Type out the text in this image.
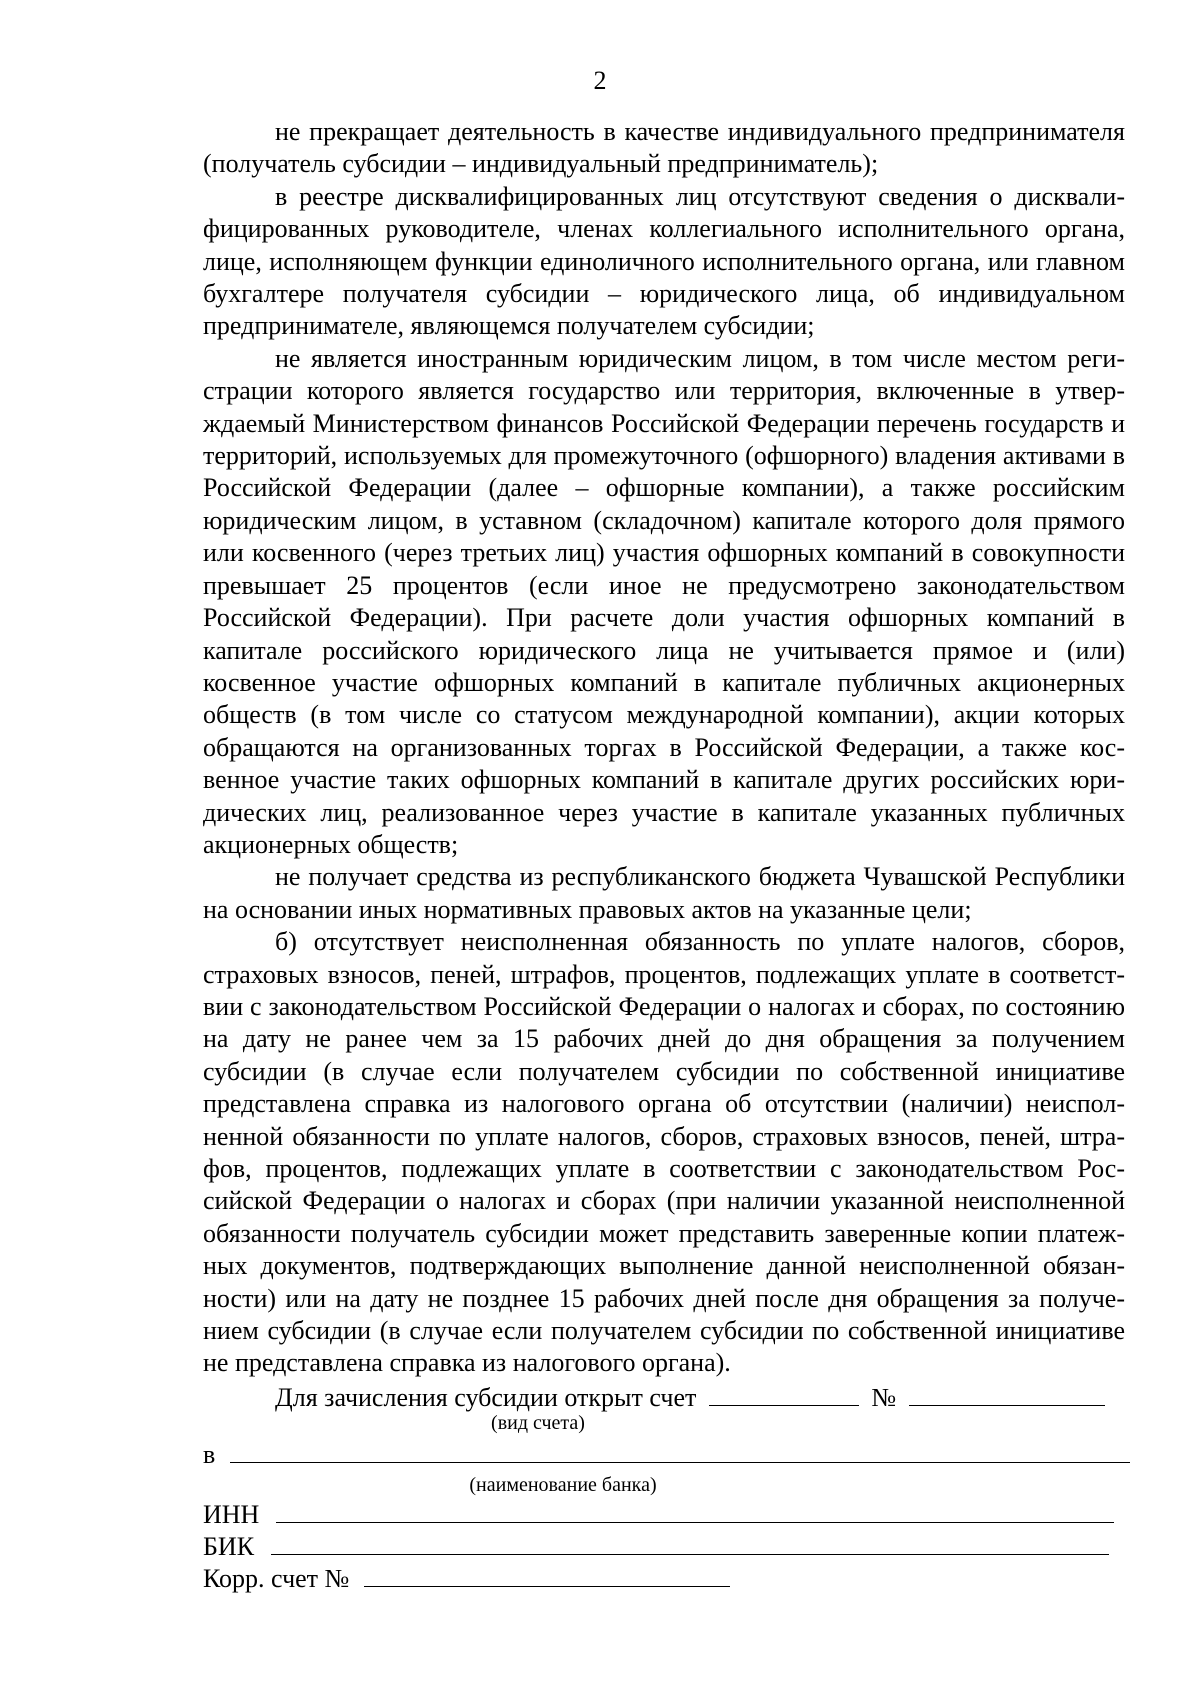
2

не прекращает деятельность в качестве индивидуального предпринимателя (получатель субсидии – индивидуальный предприниматель);

в реестре дисквалифицированных лиц отсутствуют сведения о дисквалифицированных руководителе, членах коллегиального исполнительного органа, лице, исполняющем функции единоличного исполнительного органа, или главном бухгалтере получателя субсидии – юридического лица, об индивидуальном предпринимателе, являющемся получателем субсидии;

не является иностранным юридическим лицом, в том числе местом регистрации которого является государство или территория, включенные в утверждаемый Министерством финансов Российской Федерации перечень государств и территорий, используемых для промежуточного (офшорного) владения активами в Российской Федерации (далее – офшорные компании), а также российским юридическим лицом, в уставном (складочном) капитале которого доля прямого или косвенного (через третьих лиц) участия офшорных компаний в совокупности превышает 25 процентов (если иное не предусмотрено законодательством Российской Федерации). При расчете доли участия офшорных компаний в капитале российского юридического лица не учитывается прямое и (или) косвенное участие офшорных компаний в капитале публичных акционерных обществ (в том числе со статусом международной компании), акции которых обращаются на организованных торгах в Российской Федерации, а также косвенное участие таких офшорных компаний в капитале других российских юридических лиц, реализованное через участие в капитале указанных публичных акционерных обществ;

не получает средства из республиканского бюджета Чувашской Республики на основании иных нормативных правовых актов на указанные цели;

б) отсутствует неисполненная обязанность по уплате налогов, сборов, страховых взносов, пеней, штрафов, процентов, подлежащих уплате в соответствии с законодательством Российской Федерации о налогах и сборах, по состоянию на дату не ранее чем за 15 рабочих дней до дня обращения за получением субсидии (в случае если получателем субсидии по собственной инициативе представлена справка из налогового органа об отсутствии (наличии) неисполненной обязанности по уплате налогов, сборов, страховых взносов, пеней, штрафов, процентов, подлежащих уплате в соответствии с законодательством Российской Федерации о налогах и сборах (при наличии указанной неисполненной обязанности получатель субсидии может представить заверенные копии платежных документов, подтверждающих выполнение данной неисполненной обязанности) или на дату не позднее 15 рабочих дней после дня обращения за получением субсидии (в случае если получателем субсидии по собственной инициативе не представлена справка из налогового органа).

Для зачисления субсидии открыт счет	№
(вид счета)
в
(наименование банка)
ИНН
БИК
Корр. счет №
